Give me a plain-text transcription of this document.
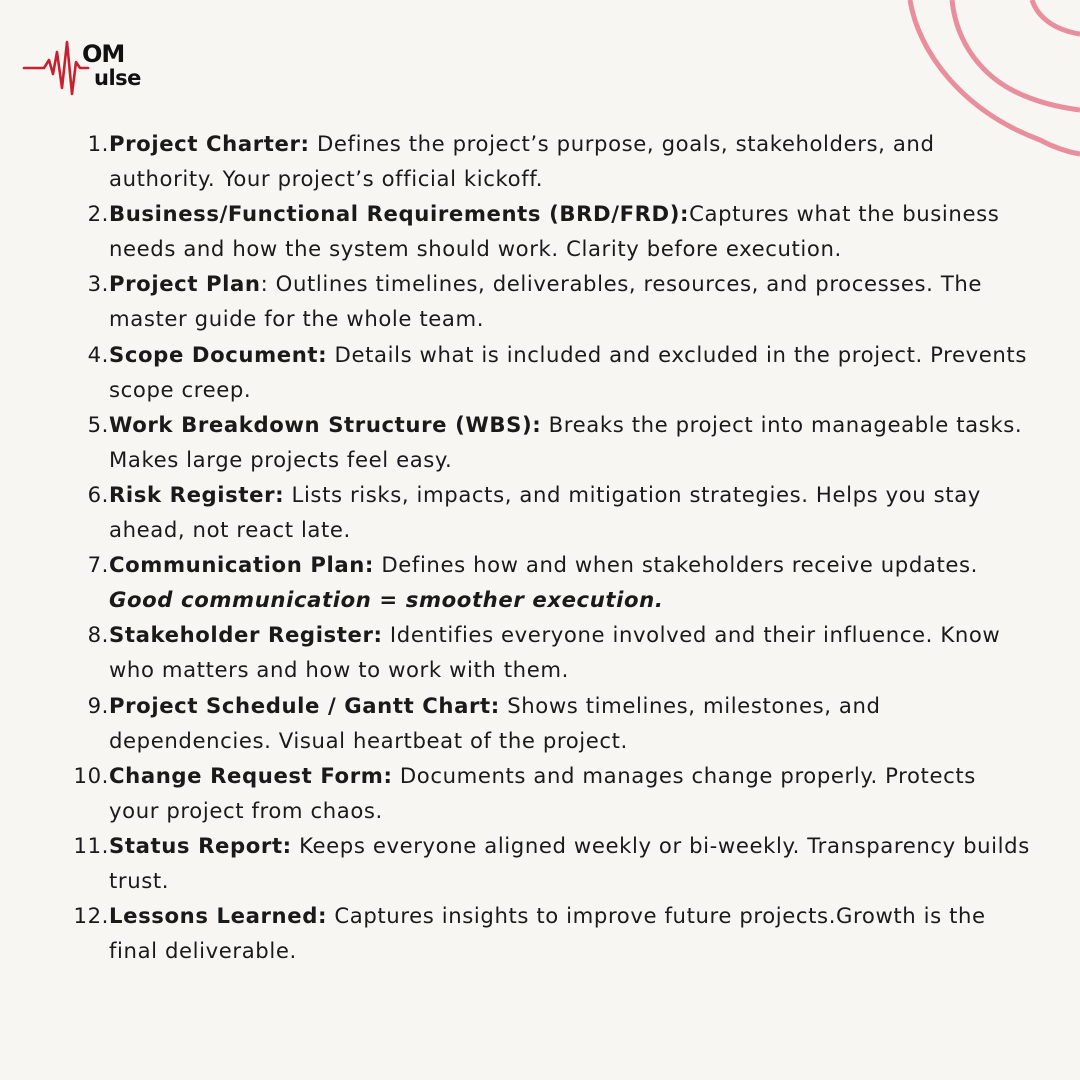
OM
ulse
1. Project Charter: Defines the project’s purpose, goals, stakeholders, and authority. Your project’s official kickoff.
2. Business/Functional Requirements (BRD/FRD):Captures what the business needs and how the system should work. Clarity before execution.
3. Project Plan: Outlines timelines, deliverables, resources, and processes. The master guide for the whole team.
4. Scope Document: Details what is included and excluded in the project. Prevents scope creep.
5. Work Breakdown Structure (WBS): Breaks the project into manageable tasks. Makes large projects feel easy.
6. Risk Register: Lists risks, impacts, and mitigation strategies. Helps you stay ahead, not react late.
7. Communication Plan: Defines how and when stakeholders receive updates. Good communication = smoother execution.
8. Stakeholder Register: Identifies everyone involved and their influence. Know who matters and how to work with them.
9. Project Schedule / Gantt Chart: Shows timelines, milestones, and dependencies. Visual heartbeat of the project.
10. Change Request Form: Documents and manages change properly. Protects your project from chaos.
11. Status Report: Keeps everyone aligned weekly or bi-weekly. Transparency builds trust.
12. Lessons Learned: Captures insights to improve future projects.Growth is the final deliverable.
